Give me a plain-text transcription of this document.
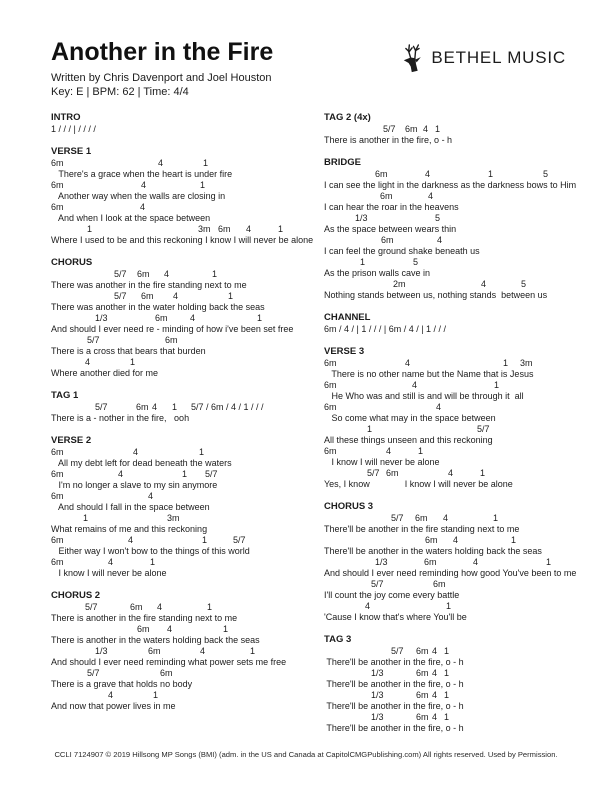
Another in the Fire
Written by Chris Davenport and Joel Houston
Key: E | BPM: 62 | Time: 4/4
BETHEL MUSIC
INTRO
1 / / / | / / / /
VERSE 1
6m	4	1
There's a grace when the heart is under fire
6m	4	1
Another way when the walls are closing in
6m	4
And when I look at the space between
1	3m 6m 4	1
Where I used to be and this reckoning I know I will never be alone
CHORUS
5/7 6m 4	1
There was another in the fire standing next to me
5/7 6m 4	1
There was another in the water holding back the seas
1/3	6m 4	1
And should I ever need re - minding of how i've been set free
5/7	6m
There is a cross that bears that burden
4	1
Where another died for me
TAG 1
5/7	6m 4 1 5/7 / 6m / 4 / 1 / / /
There is a - nother in the fire,   ooh
VERSE 2
6m	4	1
All my debt left for dead beneath the waters
6m	4	1 5/7
I'm no longer a slave to my sin anymore
6m	4
And should I fall in the space between
1	3m
What remains of me and this reckoning
6m	4	1	5/7
Either way I won't bow to the things of this world
6m	4	1
I know I will never be alone
CHORUS 2
5/7	6m 4	1
There is another in the fire standing next to me
6m 4	1
There is another in the waters holding back the seas
1/3	6m	4	1
And should I ever need reminding what power sets me free
5/7	6m
There is a grave that holds no body
4	1
And now that power lives in me
TAG 2 (4x)
5/7 6m 4 1
There is another in the fire, o - h
BRIDGE
6m	4	1	5
I can see the light in the darkness as the darkness bows to Him
6m	4
I can hear the roar in the heavens
1/3	5
As the space between wears thin
6m	4
I can feel the ground shake beneath us
1	5
As the prison walls cave in
2m	4	5
Nothing stands between us, nothing stands  between us
CHANNEL
6m / 4 / | 1 / / / | 6m / 4 / | 1 / / /
VERSE 3
6m	4	1 3m
There is no other name but the Name that is Jesus
6m	4	1
He Who was and still is and will be through it  all
6m	4
So come what may in the space between
1	5/7
All these things unseen and this reckoning
6m	4	1
I know I will never be alone
5/7 6m	4	1
Yes, I know              I know I will never be alone
CHORUS 3
5/7 6m 4	1
There'll be another in the fire standing next to me
6m 4	1
There'll be another in the waters holding back the seas
1/3	6m	4	1
And should I ever need reminding how good You've been to me
5/7	6m
I'll count the joy come every battle
4	1
'Cause I know that's where You'll be
TAG 3
5/7 6m 4 1
There'll be another in the fire, o - h
1/3	6m 4 1
There'll be another in the fire, o - h
1/3	6m 4 1
There'll be another in the fire, o - h
1/3	6m 4 1
There'll be another in the fire, o - h
CCLI 7124907 © 2019 Hillsong MP Songs (BMI) (adm. in the US and Canada at CapitolCMGPublishing.com) All rights reserved. Used by Permission.
